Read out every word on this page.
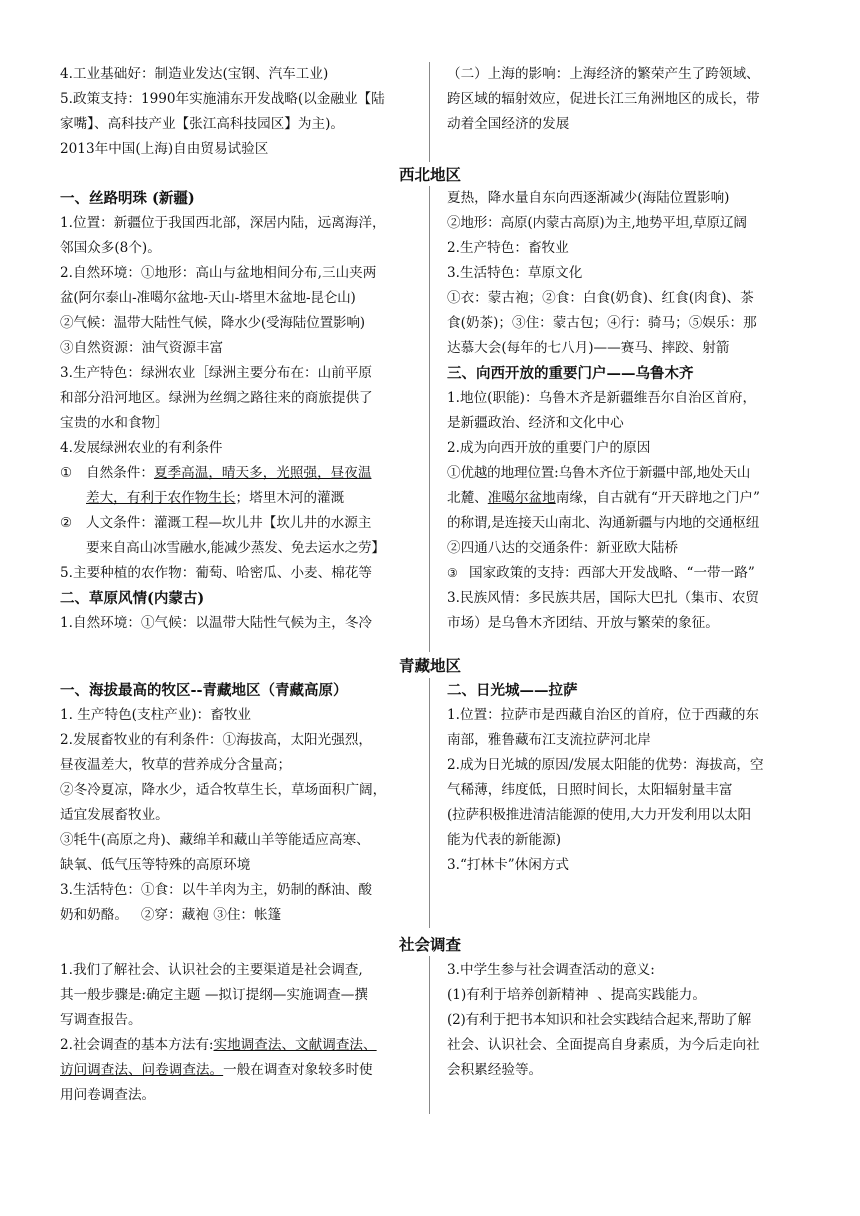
4.工业基础好：制造业发达(宝钢、汽车工业)
5.政策支持：1990年实施浦东开发战略(以金融业【陆
家嘴】、高科技产业【张江高科技园区】为主)。
2013年中国(上海)自由贸易试验区
（二）上海的影响：上海经济的繁荣产生了跨领域、
跨区域的辐射效应，促进长江三角洲地区的成长，带
动着全国经济的发展
西北地区
一、丝路明珠 (新疆)
1.位置：新疆位于我国西北部，深居内陆，远离海洋，
邻国众多(8个)。
2.自然环境：①地形：高山与盆地相间分布,三山夹两
盆(阿尔泰山-准噶尔盆地-天山-塔里木盆地-昆仑山)
②气候：温带大陆性气候，降水少(受海陆位置影响)
③自然资源：油气资源丰富
3.生产特色：绿洲农业［绿洲主要分布在：山前平原
和部分沿河地区。绿洲为丝绸之路往来的商旅提供了
宝贵的水和食物］
4.发展绿洲农业的有利条件
① 自然条件：夏季高温，晴天多，光照强，昼夜温
差大，有利于农作物生长；塔里木河的灌溉
② 人文条件：灌溉工程—坎儿井【坎儿井的水源主
要来自高山冰雪融水,能减少蒸发、免去运水之劳】
5.主要种植的农作物：葡萄、哈密瓜、小麦、棉花等
二、草原风情(内蒙古)
1.自然环境：①气候：以温带大陆性气候为主，冬冷
夏热，降水量自东向西逐渐减少(海陆位置影响)
②地形：高原(内蒙古高原)为主,地势平坦,草原辽阔
2.生产特色：畜牧业
3.生活特色：草原文化
①衣：蒙古袍；②食：白食(奶食)、红食(肉食)、茶
食(奶茶)；③住：蒙古包；④行：骑马；⑤娱乐：那
达慕大会(每年的七八月)——赛马、摔跤、射箭
三、向西开放的重要门户——乌鲁木齐
1.地位(职能)：乌鲁木齐是新疆维吾尔自治区首府，
是新疆政治、经济和文化中心
2.成为向西开放的重要门户的原因
①优越的地理位置:乌鲁木齐位于新疆中部,地处天山
北麓、准噶尔盆地南缘，自古就有“开天辟地之门户”
的称谓,是连接天山南北、沟通新疆与内地的交通枢纽
②四通八达的交通条件：新亚欧大陆桥
③ 国家政策的支持：西部大开发战略、“一带一路”
3.民族风情：多民族共居，国际大巴扎（集市、农贸
市场）是乌鲁木齐团结、开放与繁荣的象征。
青藏地区
一、海拔最高的牧区--青藏地区（青藏高原）
1. 生产特色(支柱产业)：畜牧业
2.发展畜牧业的有利条件：①海拔高，太阳光强烈，
昼夜温差大，牧草的营养成分含量高；
②冬冷夏凉，降水少，适合牧草生长，草场面积广阔，
适宜发展畜牧业。
③牦牛(高原之舟)、藏绵羊和藏山羊等能适应高寒、
缺氧、低气压等特殊的高原环境
3.生活特色：①食：以牛羊肉为主，奶制的酥油、酸
奶和奶酪。   ②穿：藏袍 ③住：帐篷
二、日光城——拉萨
1.位置：拉萨市是西藏自治区的首府，位于西藏的东
南部，雅鲁藏布江支流拉萨河北岸
2.成为日光城的原因/发展太阳能的优势：海拔高，空
气稀薄，纬度低，日照时间长，太阳辐射量丰富
(拉萨积极推进清洁能源的使用,大力开发利用以太阳
能为代表的新能源)
3.“打林卡”休闲方式
社会调查
1.我们了解社会、认识社会的主要渠道是社会调查,
其一般步骤是:确定主题 —拟订提纲—实施调查—撰
写调查报告。
2.社会调查的基本方法有:实地调查法、文献调查法、
访问调查法、问卷调查法。一般在调查对象较多时使
用问卷调查法。
3.中学生参与社会调查活动的意义:
(1)有利于培养创新精神  、提高实践能力。
(2)有利于把书本知识和社会实践结合起来,帮助了解
社会、认识社会、全面提高自身素质，为今后走向社
会积累经验等。
